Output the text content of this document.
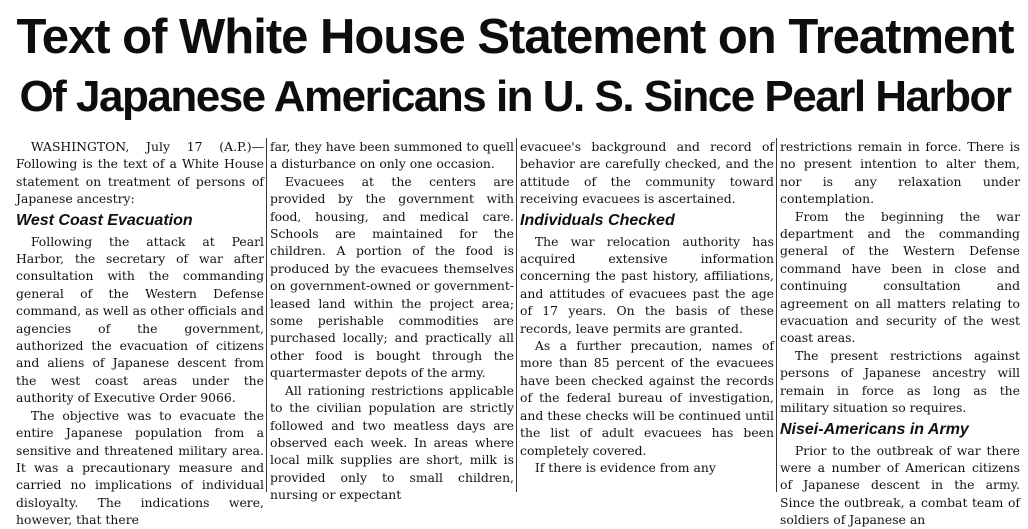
Text of White House Statement on Treatment
Of Japanese Americans in U. S. Since Pearl Harbor

WASHINGTON, July 17 (A.P.)—Following is the text of a White House statement on treatment of persons of Japanese ancestry:

West Coast Evacuation

Following the attack at Pearl Harbor, the secretary of war after consultation with the commanding general of the Western Defense command, as well as other officials and agencies of the government, authorized the evacuation of citizens and aliens of Japanese descent from the west coast areas under the authority of Executive Order 9066.

The objective was to evacuate the entire Japanese population from a sensitive and threatened military area. It was a precautionary measure and carried no implications of individual disloyalty. The indications were, however, that there

far, they have been summoned to quell a disturbance on only one occasion.

Evacuees at the centers are provided by the government with food, housing, and medical care. Schools are maintained for the children. A portion of the food is produced by the evacuees themselves on government-owned or government-leased land within the project area; some perishable commodities are purchased locally; and practically all other food is bought through the quartermaster depots of the army.

All rationing restrictions applicable to the civilian population are strictly followed and two meatless days are observed each week. In areas where local milk supplies are short, milk is provided only to small children, nursing or expectant

evacuee's background and record of behavior are carefully checked, and the attitude of the community toward receiving evacuees is ascertained.

Individuals Checked

The war relocation authority has acquired extensive information concerning the past history, affiliations, and attitudes of evacuees past the age of 17 years. On the basis of these records, leave permits are granted.

As a further precaution, names of more than 85 percent of the evacuees have been checked against the records of the federal bureau of investigation, and these checks will be continued until the list of adult evacuees has been completely covered.

If there is evidence from any

restrictions remain in force. There is no present intention to alter them, nor is any relaxation under contemplation.

From the beginning the war department and the commanding general of the Western Defense command have been in close and continuing consultation and agreement on all matters relating to evacuation and security of the west coast areas.

The present restrictions against persons of Japanese ancestry will remain in force as long as the military situation so requires.

Nisei-Americans in Army

Prior to the outbreak of war there were a number of American citizens of Japanese descent in the army. Since the outbreak, a combat team of soldiers of Japanese an
